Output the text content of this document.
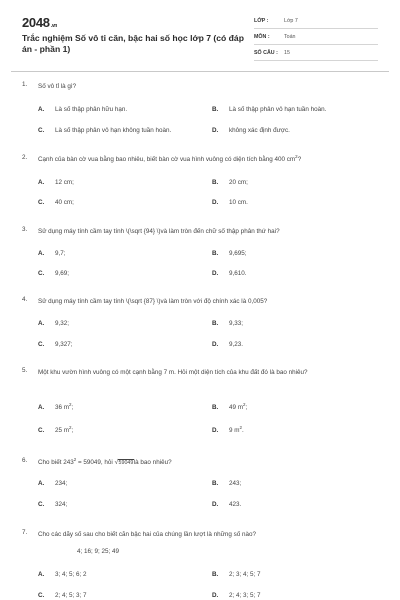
2048.vn
Trắc nghiệm Số vô tỉ căn, bậc hai số học lớp 7 (có đáp án - phần 1)
LỚP :	Lớp 7
MÔN :	Toán
SỐ CÂU : 15
1. Số vô tỉ là gì?
A. Là số thập phân hữu hạn.	B. Là số thập phân vô hạn tuần hoàn.
C. Là số thập phân vô hạn không tuần hoàn.	D. không xác định được.
2. Cạnh của bàn cờ vua bằng bao nhiêu, biết bàn cờ vua hình vuông có diện tích bằng 400 $cm^2$?
A. 12 cm;	B. 20 cm;
C. 40 cm;	D. 10 cm.
3. Sử dụng máy tính cầm tay tính \(\sqrt {94} \)và làm tròn đến chữ số thập phân thứ hai?
A. 9,7;	B. 9,695;
C. 9,69;	D. 9,610.
4. Sử dụng máy tính cầm tay tính \(\sqrt {87} \)và làm tròn với độ chính xác là 0,005?
A. 9,32;	B. 9,33;
C. 9,327;	D. 9,23.
5. Một khu vườn hình vuông có một cạnh bằng 7 m. Hỏi một diện tích của khu đất đó là bao nhiêu?
A. 36 $m^2$;	B. 49 $m^2$;
C. 25 $m^2$;	D. 9 $m^2$.
6. Cho biết $243^2 = 59049$, hỏi √59049là bao nhiêu?
A. 234;	B. 243;
C. 324;	D. 423.
7. Cho các dãy số sau cho biết căn bậc hai của chúng lần lượt là những số nào?
4; 16; 9; 25; 49
A. 3; 4; 5; 6; 2	B. 2; 3; 4; 5; 7
C. 2; 4; 5; 3; 7	D. 2; 4; 3; 5; 7
